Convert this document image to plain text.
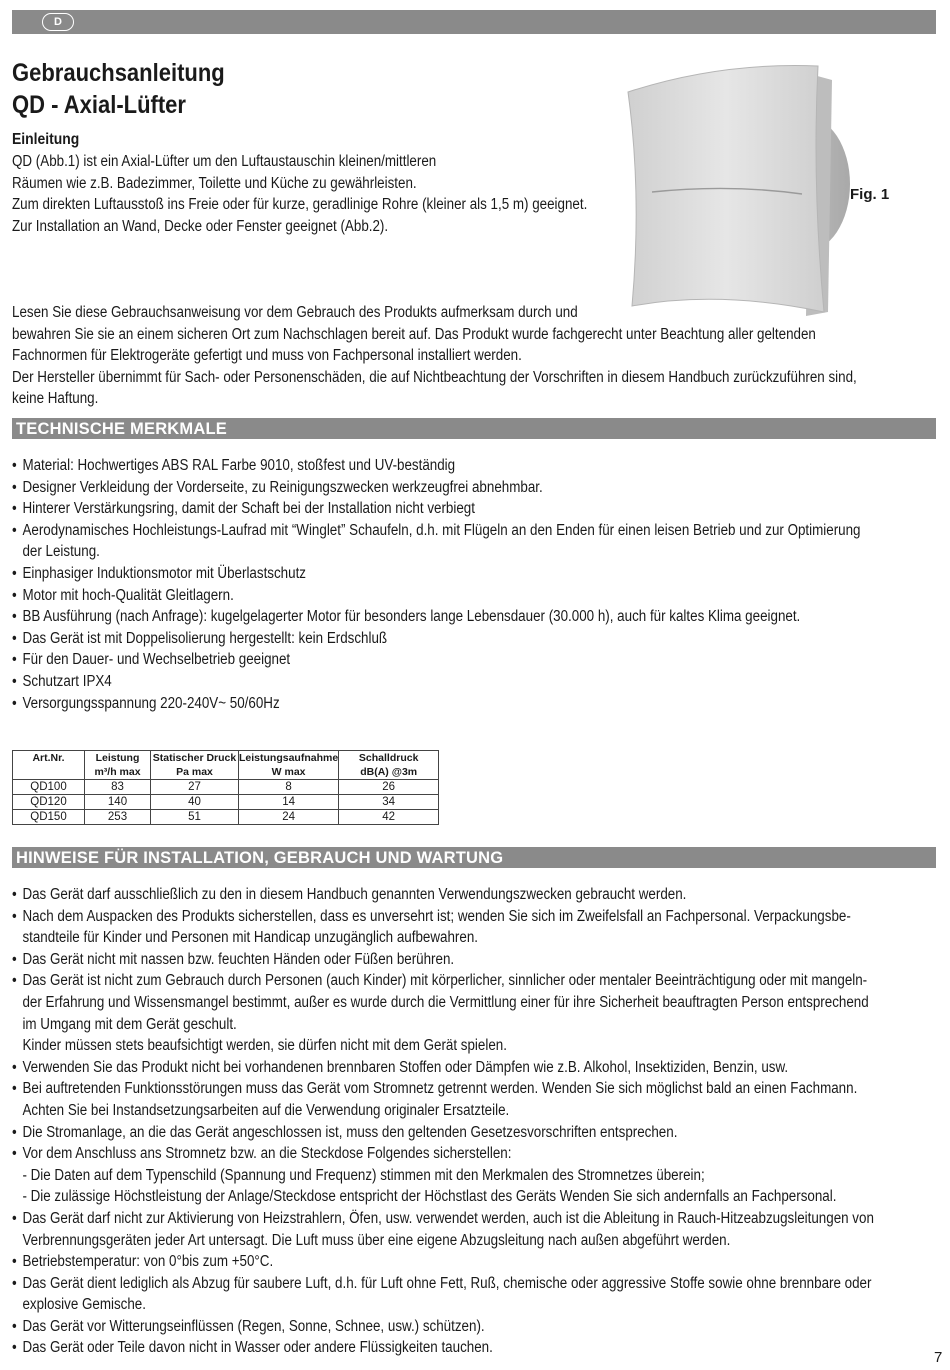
D
Gebrauchsanleitung
QD - Axial-Lüfter
Einleitung

QD (Abb.1) ist ein Axial-Lüfter um den Luftaustauschin kleinen/mittleren

Räumen wie z.B. Badezimmer, Toilette und Küche zu gewährleisten.

Zum direkten Luftausstoß ins Freie oder für kurze, geradlinige Rohre (kleiner als 1,5 m) geeignet.

Zur Installation an Wand, Decke oder Fenster geeignet (Abb.2).

Fig. 1

Lesen Sie diese Gebrauchsanweisung vor dem Gebrauch des Produkts aufmerksam durch und

bewahren Sie sie an einem sicheren Ort zum Nachschlagen bereit auf. Das Produkt wurde fachgerecht unter Beachtung aller geltenden

Fachnormen für Elektrogeräte gefertigt und muss von Fachpersonal installiert werden.

Der Hersteller übernimmt für Sach- oder Personenschäden, die auf Nichtbeachtung der Vorschriften in diesem Handbuch zurückzuführen sind,

keine Haftung.

TECHNISCHE MERKMALE
• Material: Hochwertiges ABS RAL Farbe 9010, stoßfest und UV-beständig
• Designer Verkleidung der Vorderseite, zu Reinigungszwecken werkzeugfrei abnehmbar.
• Hinterer Verstärkungsring, damit der Schaft bei der Installation nicht verbiegt
• Aerodynamisches Hochleistungs-Laufrad mit “Winglet” Schaufeln, d.h. mit Flügeln an den Enden für einen leisen Betrieb und zur Optimierung
der Leistung.
• Einphasiger Induktionsmotor mit Überlastschutz
• Motor mit hoch-Qualität Gleitlagern.
• BB Ausführung (nach Anfrage): kugelgelagerter Motor für besonders lange Lebensdauer (30.000 h), auch für kaltes Klima geeignet.
• Das Gerät ist mit Doppelisolierung hergestellt: kein Erdschluß
• Für den Dauer- und Wechselbetrieb geeignet
• Schutzart IPX4
• Versorgungsspannung 220-240V~ 50/60Hz
Art.Nr.	Leistung	Statischer Druck	Leistungsaufnahme	Schalldruck
	m³/h max	Pa max	W max	dB(A) @3m
QD100	83	27	8	26
QD120	140	40	14	34
QD150	253	51	24	42
HINWEISE FÜR INSTALLATION, GEBRAUCH UND WARTUNG
• Das Gerät darf ausschließlich zu den in diesem Handbuch genannten Verwendungszwecken gebraucht werden.
• Nach dem Auspacken des Produkts sicherstellen, dass es unversehrt ist; wenden Sie sich im Zweifelsfall an Fachpersonal. Verpackungsbe-
standteile für Kinder und Personen mit Handicap unzugänglich aufbewahren.
• Das Gerät nicht mit nassen bzw. feuchten Händen oder Füßen berühren.
• Das Gerät ist nicht zum Gebrauch durch Personen (auch Kinder) mit körperlicher, sinnlicher oder mentaler Beeinträchtigung oder mit mangeln-
der Erfahrung und Wissensmangel bestimmt, außer es wurde durch die Vermittlung einer für ihre Sicherheit beauftragten Person entsprechend
im Umgang mit dem Gerät geschult.
Kinder müssen stets beaufsichtigt werden, sie dürfen nicht mit dem Gerät spielen.
• Verwenden Sie das Produkt nicht bei vorhandenen brennbaren Stoffen oder Dämpfen wie z.B. Alkohol, Insektiziden, Benzin, usw.
• Bei auftretenden Funktionsstörungen muss das Gerät vom Stromnetz getrennt werden. Wenden Sie sich möglichst bald an einen Fachmann.
Achten Sie bei Instandsetzungsarbeiten auf die Verwendung originaler Ersatzteile.
• Die Stromanlage, an die das Gerät angeschlossen ist, muss den geltenden Gesetzesvorschriften entsprechen.
• Vor dem Anschluss ans Stromnetz bzw. an die Steckdose Folgendes sicherstellen:
- Die Daten auf dem Typenschild (Spannung und Frequenz) stimmen mit den Merkmalen des Stromnetzes überein;
- Die zulässige Höchstleistung der Anlage/Steckdose entspricht der Höchstlast des Geräts Wenden Sie sich andernfalls an Fachpersonal.
• Das Gerät darf nicht zur Aktivierung von Heizstrahlern, Öfen, usw. verwendet werden, auch ist die Ableitung in Rauch-Hitzeabzugsleitungen von
Verbrennungsgeräten jeder Art untersagt. Die Luft muss über eine eigene Abzugsleitung nach außen abgeführt werden.
• Betriebstemperatur: von 0°bis zum +50°C.
• Das Gerät dient lediglich als Abzug für saubere Luft, d.h. für Luft ohne Fett, Ruß, chemische oder aggressive Stoffe sowie ohne brennbare oder
explosive Gemische.
• Das Gerät vor Witterungseinflüssen (Regen, Sonne, Schnee, usw.) schützen).
• Das Gerät oder Teile davon nicht in Wasser oder andere Flüssigkeiten tauchen.
7
